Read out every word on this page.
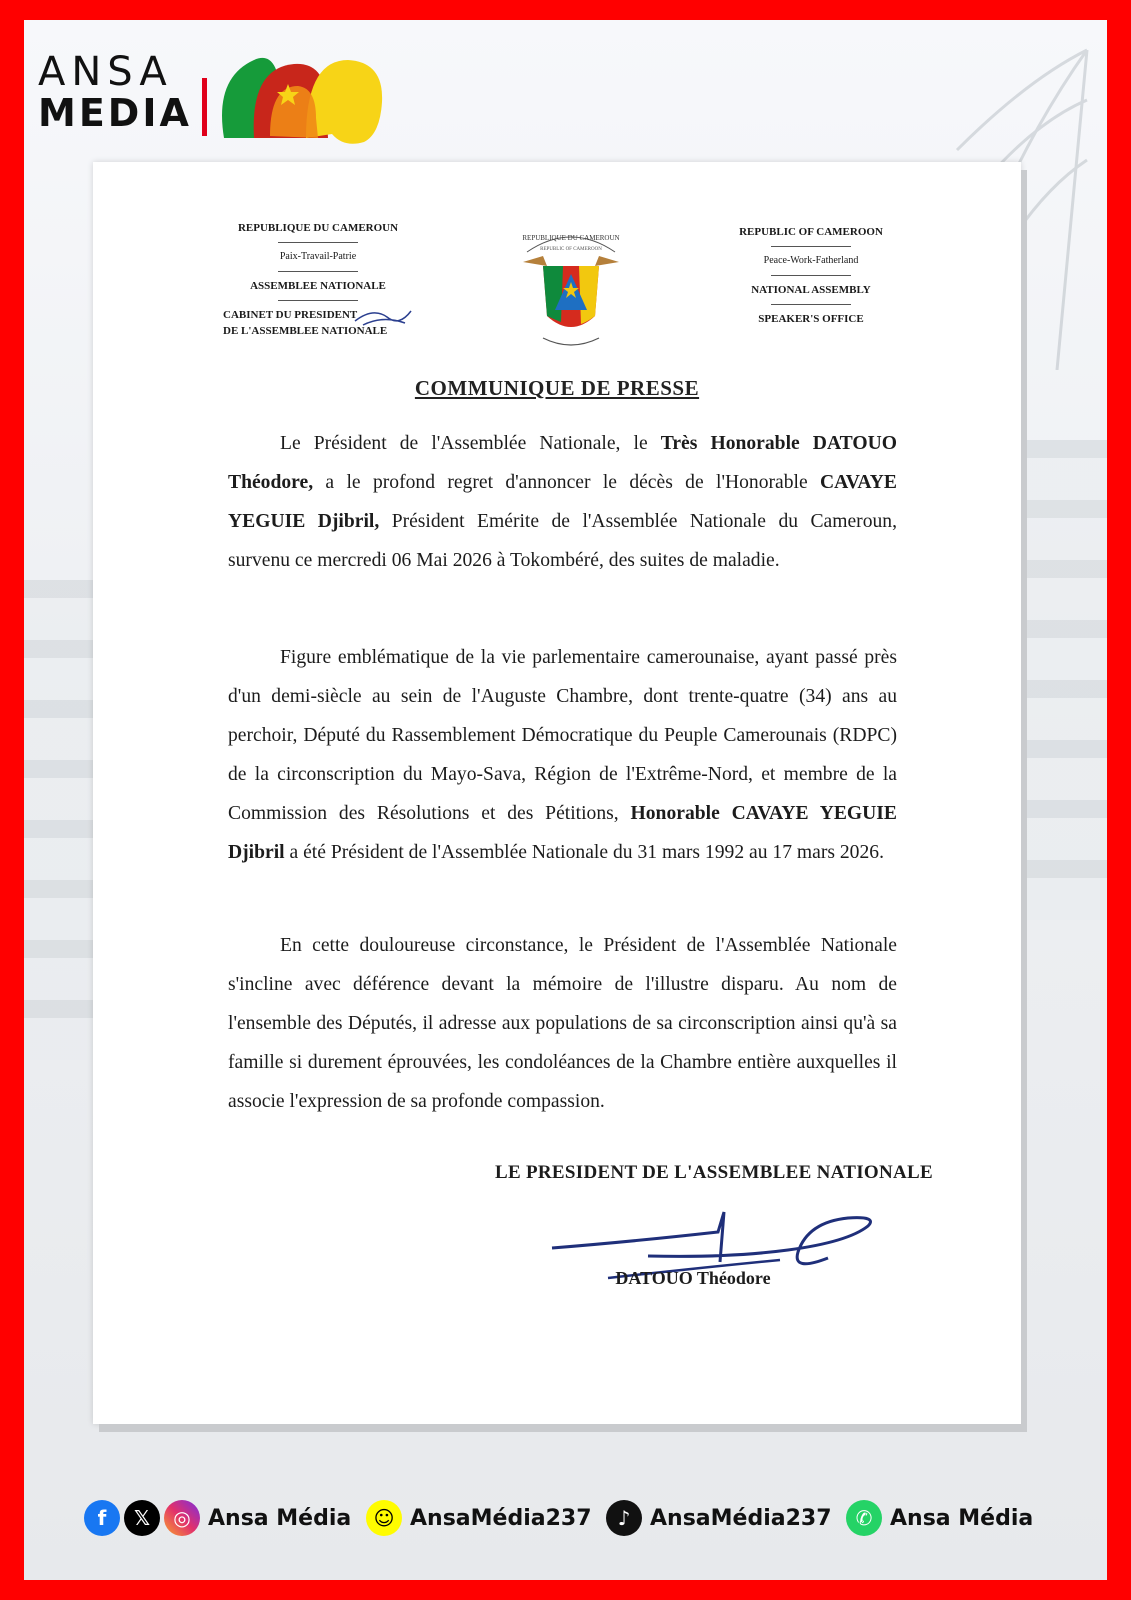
ANSA
MEDIA
REPUBLIQUE DU CAMEROUN
Paix-Travail-Patrie
ASSEMBLEE NATIONALE
CABINET DU PRESIDENT
DE L'ASSEMBLEE NATIONALE
REPUBLIQUE DU CAMEROUN
REPUBLIC OF CAMEROON
REPUBLIC OF CAMEROON
Peace-Work-Fatherland
NATIONAL ASSEMBLY
SPEAKER'S OFFICE
COMMUNIQUE DE PRESSE

Le Président de l'Assemblée Nationale, le Très Honorable DATOUO Théodore, a le profond regret d'annoncer le décès de l'Honorable CAVAYE YEGUIE Djibril, Président Emérite de l'Assemblée Nationale du Cameroun, survenu ce mercredi 06 Mai 2026 à Tokombéré, des suites de maladie.

Figure emblématique de la vie parlementaire camerounaise, ayant passé près d'un demi-siècle au sein de l'Auguste Chambre, dont trente-quatre (34) ans au perchoir, Député du Rassemblement Démocratique du Peuple Camerounais (RDPC) de la circonscription du Mayo-Sava, Région de l'Extrême-Nord, et membre de la Commission des Résolutions et des Pétitions, Honorable CAVAYE YEGUIE Djibril a été Président de l'Assemblée Nationale du 31 mars 1992 au 17 mars 2026.

En cette douloureuse circonstance, le Président de l'Assemblée Nationale s'incline avec déférence devant la mémoire de l'illustre disparu. Au nom de l'ensemble des Députés, il adresse aux populations de sa circonscription ainsi qu'à sa famille si durement éprouvées, les condoléances de la Chambre entière auxquelles il associe l'expression de sa profonde compassion.

LE PRESIDENT DE L'ASSEMBLEE NATIONALE
DATOUO Théodore
f	𝕏	◎ Ansa Média	☺ AnsaMédia237	♪ AnsaMédia237	✆ Ansa Média
